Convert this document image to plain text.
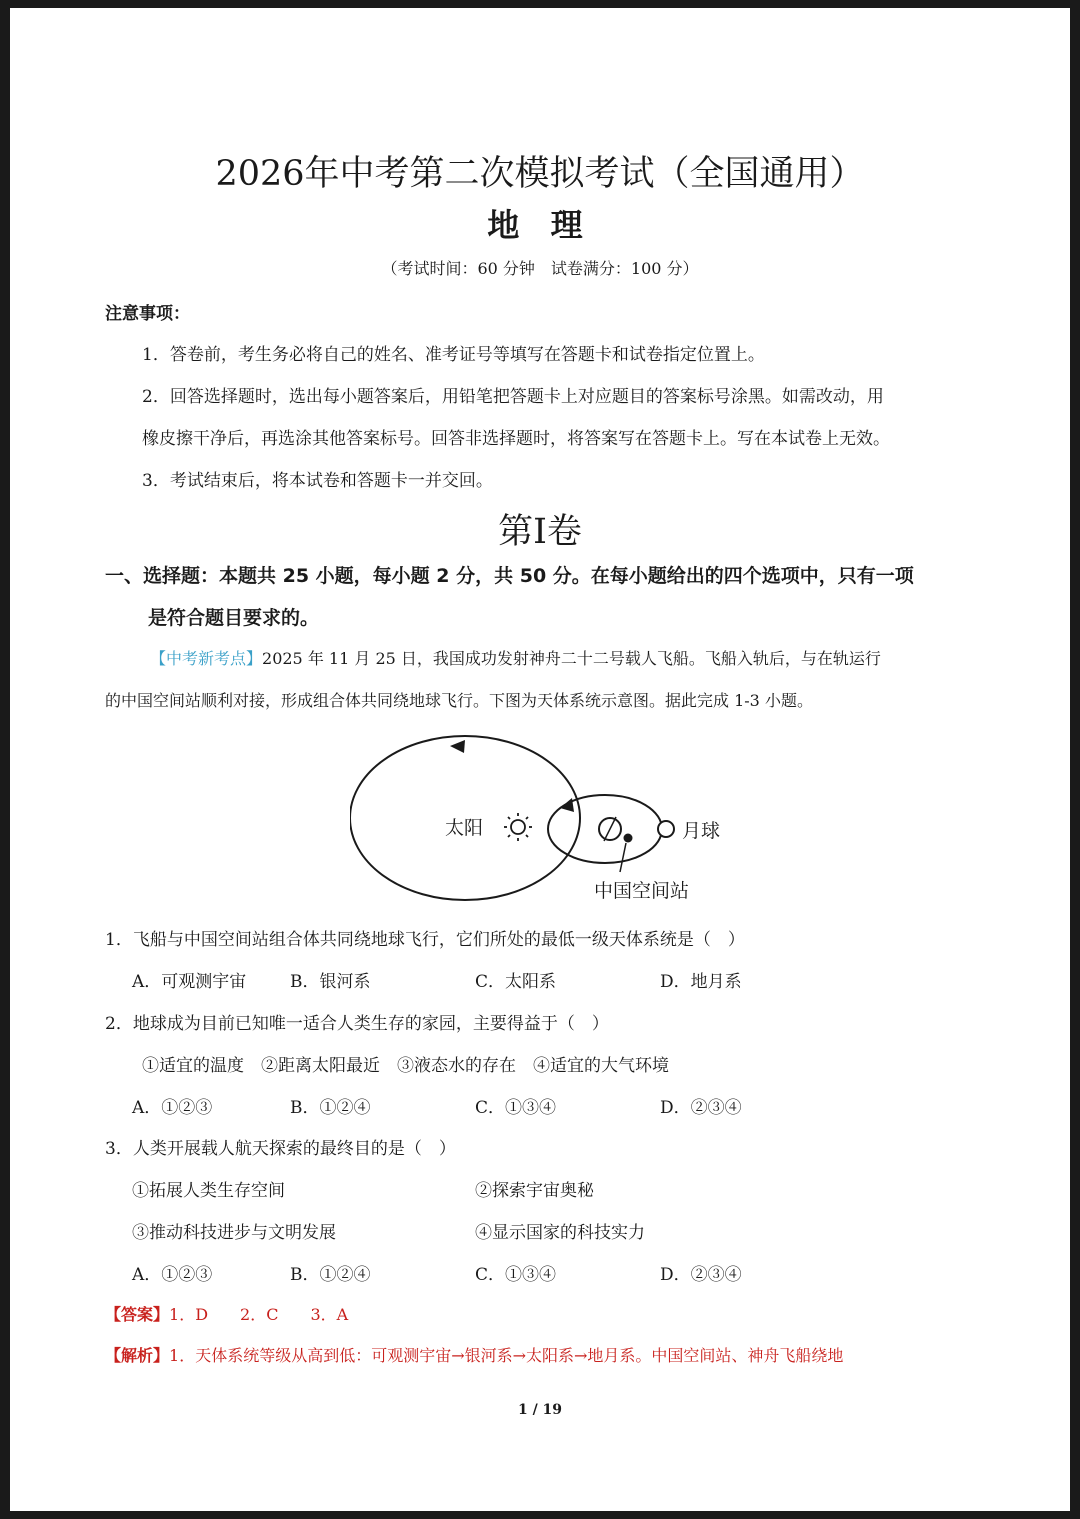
2026年中考第二次模拟考试（全国通用）
地 理
（考试时间：60 分钟　试卷满分：100 分）
注意事项：
1．答卷前，考生务必将自己的姓名、准考证号等填写在答题卡和试卷指定位置上。
2．回答选择题时，选出每小题答案后，用铅笔把答题卡上对应题目的答案标号涂黑。如需改动，用
橡皮擦干净后，再选涂其他答案标号。回答非选择题时，将答案写在答题卡上。写在本试卷上无效。
3．考试结束后，将本试卷和答题卡一并交回。
第Ⅰ卷
一、选择题：本题共 25 小题，每小题 2 分，共 50 分。在每小题给出的四个选项中，只有一项
是符合题目要求的。
【中考新考点】2025 年 11 月 25 日，我国成功发射神舟二十二号载人飞船。飞船入轨后，与在轨运行
的中国空间站顺利对接，形成组合体共同绕地球飞行。下图为天体系统示意图。据此完成 1-3 小题。
太阳
中国空间站
月球
1．飞船与中国空间站组合体共同绕地球飞行，它们所处的最低一级天体系统是（　）
A．可观测宇宙	B．银河系	C．太阳系	D．地月系
2．地球成为目前已知唯一适合人类生存的家园，主要得益于（　）
①适宜的温度　②距离太阳最近　③液态水的存在　④适宜的大气环境
A．①②③	B．①②④	C．①③④	D．②③④
3．人类开展载人航天探索的最终目的是（　）
①拓展人类生存空间	②探索宇宙奥秘
③推动科技进步与文明发展	④显示国家的科技实力
A．①②③	B．①②④	C．①③④	D．②③④
【答案】1．D　　2．C　　3．A
【解析】1．天体系统等级从高到低：可观测宇宙→银河系→太阳系→地月系。中国空间站、神舟飞船绕地
1 / 19
